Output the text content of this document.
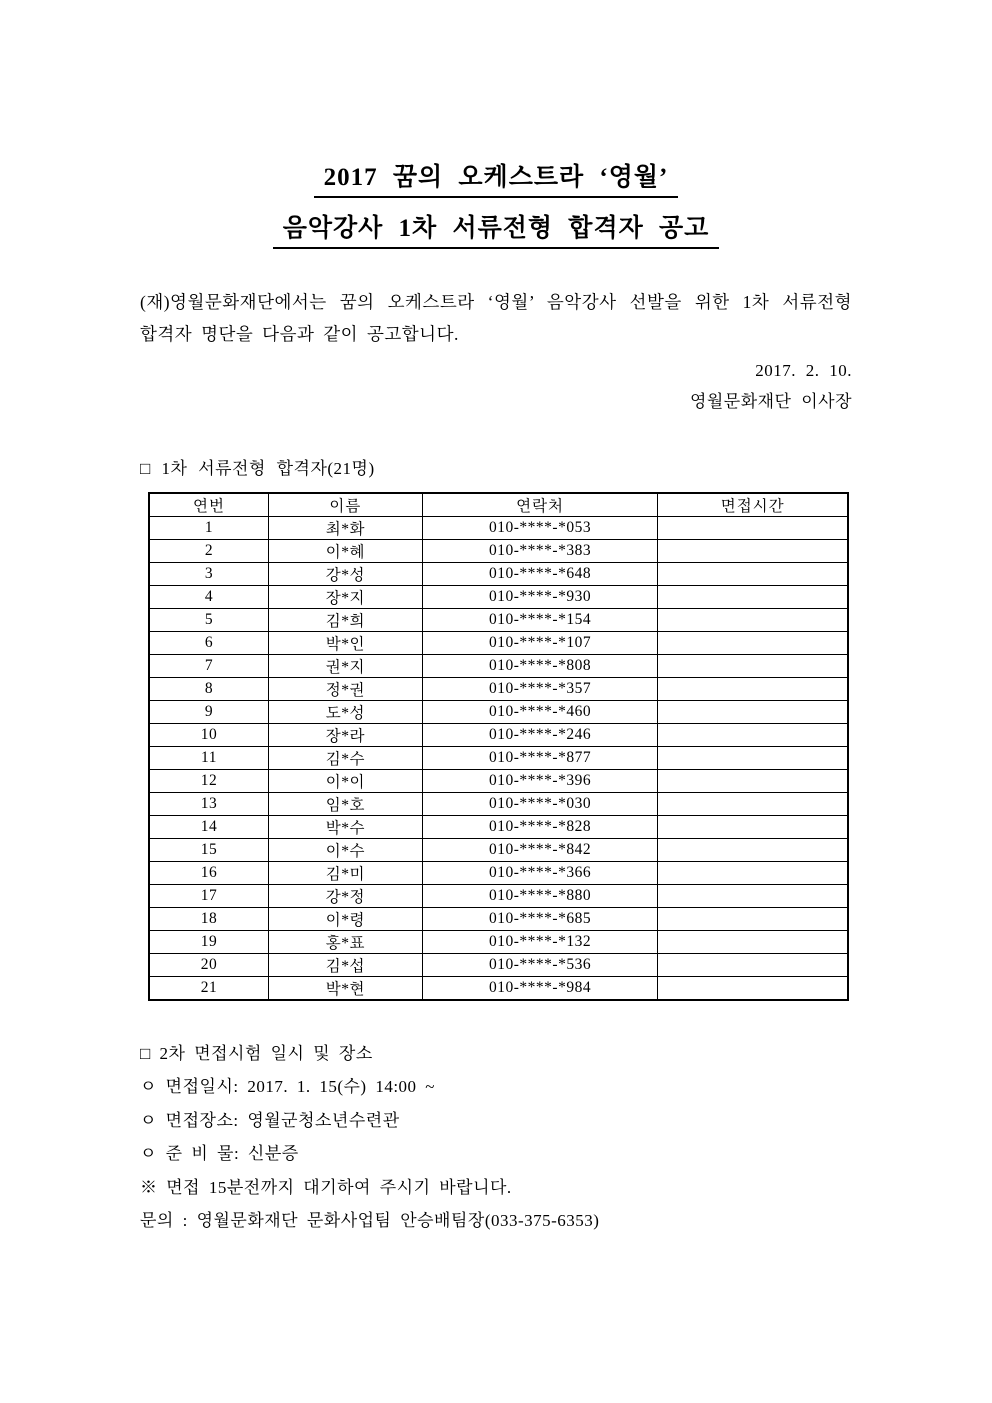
2017 꿈의 오케스트라 ‘영월’
음악강사 1차 서류전형 합격자 공고
(재)영월문화재단에서는 꿈의 오케스트라 ‘영월’ 음악강사 선발을 위한 1차 서류전형
합격자 명단을 다음과 같이 공고합니다.
2017. 2. 10.
영월문화재단 이사장
□ 1차 서류전형 합격자(21명)
연번	이름	연락처	면접시간
1	최*화	010-****-*053	
2	이*혜	010-****-*383	
3	강*성	010-****-*648	
4	장*지	010-****-*930	
5	김*희	010-****-*154	
6	박*인	010-****-*107	
7	권*지	010-****-*808	
8	정*권	010-****-*357	
9	도*성	010-****-*460	
10	장*라	010-****-*246	
11	김*수	010-****-*877	
12	이*이	010-****-*396	
13	임*호	010-****-*030	
14	박*수	010-****-*828	
15	이*수	010-****-*842	
16	김*미	010-****-*366	
17	강*정	010-****-*880	
18	이*령	010-****-*685	
19	홍*표	010-****-*132	
20	김*섭	010-****-*536	
21	박*현	010-****-*984	
□ 2차 면접시험 일시 및 장소
ㅇ 면접일시: 2017. 1. 15(수) 14:00 ~
ㅇ 면접장소: 영월군청소년수련관
ㅇ 준 비 물: 신분증
※ 면접 15분전까지 대기하여 주시기 바랍니다.
문의 : 영월문화재단 문화사업팀 안승배팀장(033-375-6353)
